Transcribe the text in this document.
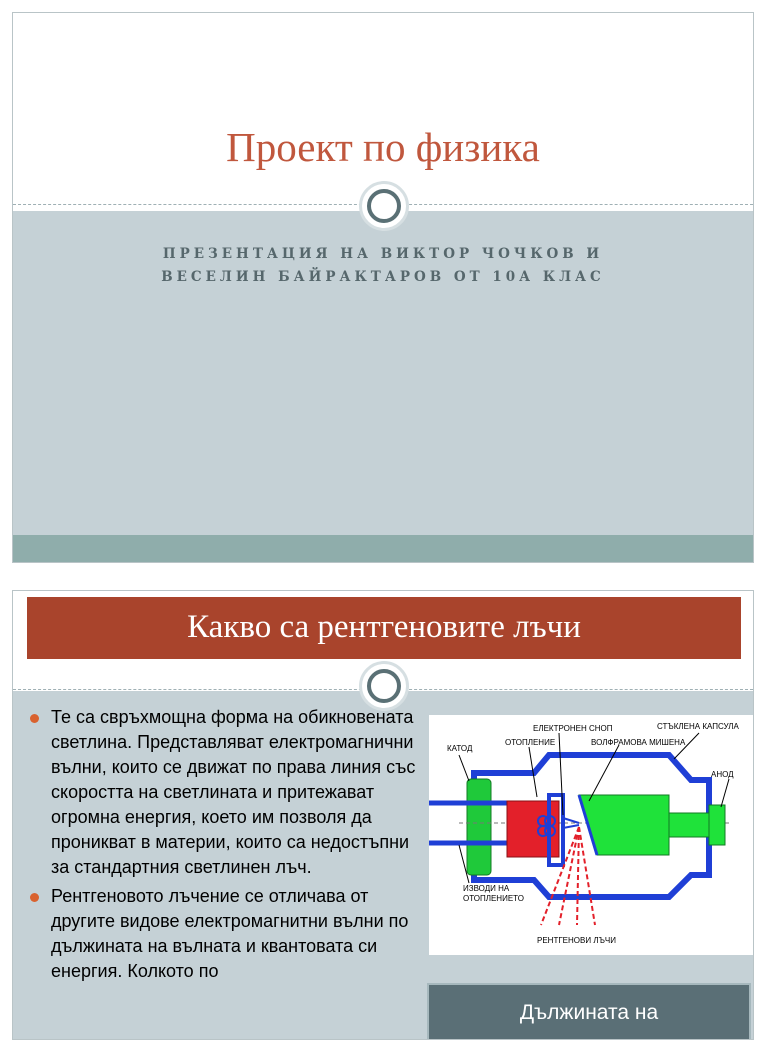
Проект по физика
ПРЕЗЕНТАЦИЯ НА ВИКТОР ЧОЧКОВ И
ВЕСЕЛИН БАЙРАКТАРОВ ОТ 10А КЛАС
Какво са рентгеновите лъчи
Те са свръхмощна форма на обикновената светлина. Представляват електромагнични вълни, които се движат по права линия със скоростта на светлината и притежават огромна енергия, което им позволя да проникват в материи, които са недостъпни за стандартния светлинен лъч.
Рентгеновото лъчение се отличава от другите видове електромагнитни вълни по дължината на вълната и квантовата си енергия. Колкото по
КАТОД
ОТОПЛЕНИЕ
ЕЛЕКТРОНЕН СНОП
ВОЛФРАМОВА МИШЕНА
СТЪКЛЕНА КАПСУЛА
АНОД
ИЗВОДИ НА
ОТОПЛЕНИЕТО
РЕНТГЕНОВИ ЛЪЧИ
Дължината на
